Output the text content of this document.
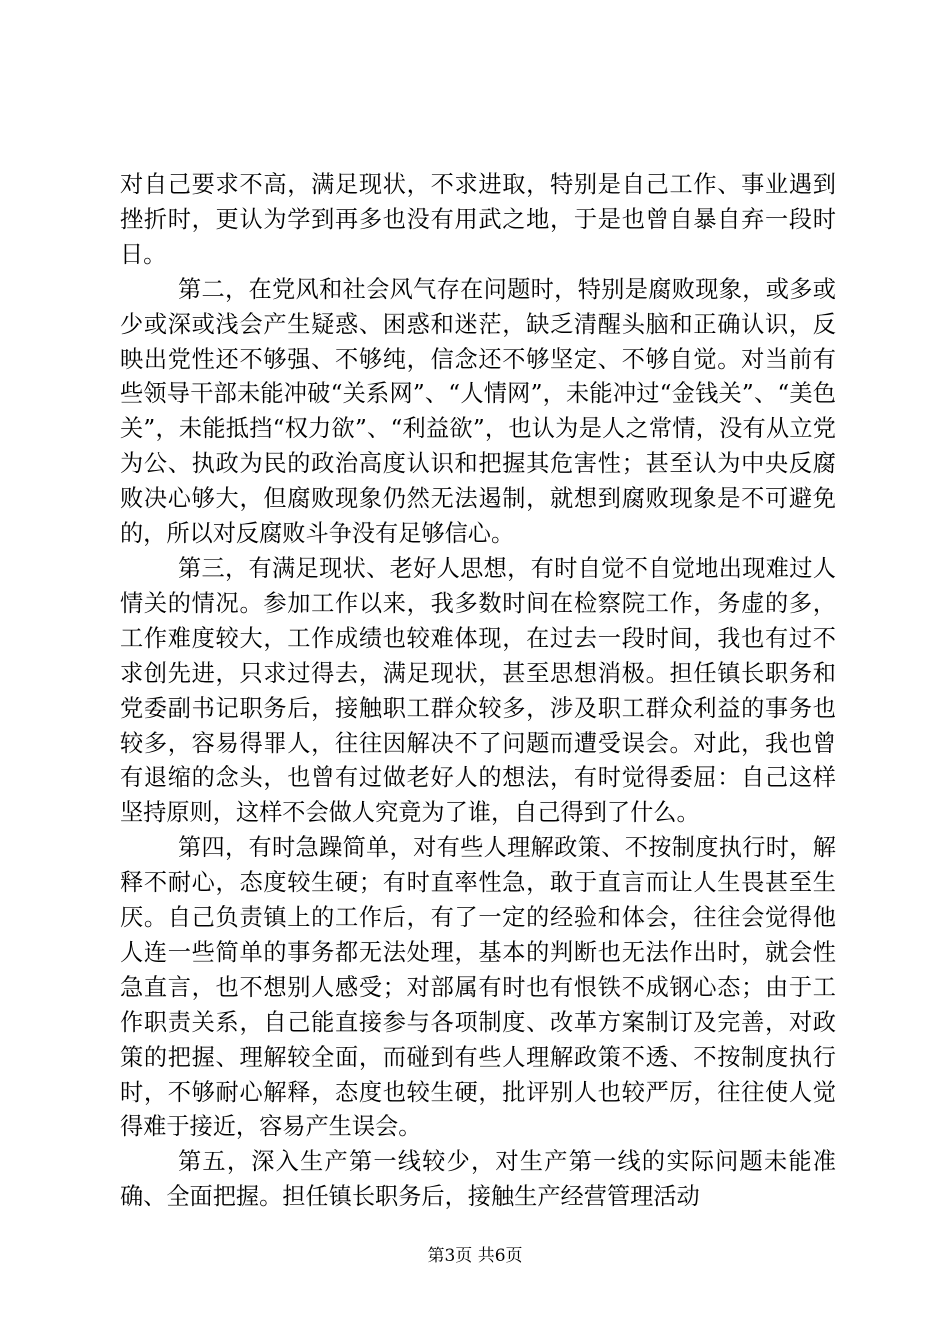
对自己要求不高，满足现状，不求进取，特别是自己工作、事业遇到挫折时，更认为学到再多也没有用武之地，于是也曾自暴自弃一段时日。

第二，在党风和社会风气存在问题时，特别是腐败现象，或多或少或深或浅会产生疑惑、困惑和迷茫，缺乏清醒头脑和正确认识，反映出党性还不够强、不够纯，信念还不够坚定、不够自觉。对当前有些领导干部未能冲破“关系网”、“人情网”，未能冲过“金钱关”、“美色关”，未能抵挡“权力欲”、“利益欲”，也认为是人之常情，没有从立党为公、执政为民的政治高度认识和把握其危害性；甚至认为中央反腐败决心够大，但腐败现象仍然无法遏制，就想到腐败现象是不可避免的，所以对反腐败斗争没有足够信心。

第三，有满足现状、老好人思想，有时自觉不自觉地出现难过人情关的情况。参加工作以来，我多数时间在检察院工作，务虚的多，工作难度较大，工作成绩也较难体现，在过去一段时间，我也有过不求创先进，只求过得去，满足现状，甚至思想消极。担任镇长职务和党委副书记职务后，接触职工群众较多，涉及职工群众利益的事务也较多，容易得罪人，往往因解决不了问题而遭受误会。对此，我也曾有退缩的念头，也曾有过做老好人的想法，有时觉得委屈：自己这样坚持原则，这样不会做人究竟为了谁，自己得到了什么。

第四，有时急躁简单，对有些人理解政策、不按制度执行时，解释不耐心，态度较生硬；有时直率性急，敢于直言而让人生畏甚至生厌。自己负责镇上的工作后，有了一定的经验和体会，往往会觉得他人连一些简单的事务都无法处理，基本的判断也无法作出时，就会性急直言，也不想别人感受；对部属有时也有恨铁不成钢心态；由于工作职责关系，自己能直接参与各项制度、改革方案制订及完善，对政策的把握、理解较全面，而碰到有些人理解政策不透、不按制度执行时，不够耐心解释，态度也较生硬，批评别人也较严厉，往往使人觉得难于接近，容易产生误会。

第五，深入生产第一线较少，对生产第一线的实际问题未能准确、全面把握。担任镇长职务后，接触生产经营管理活动

第3页 共6页
